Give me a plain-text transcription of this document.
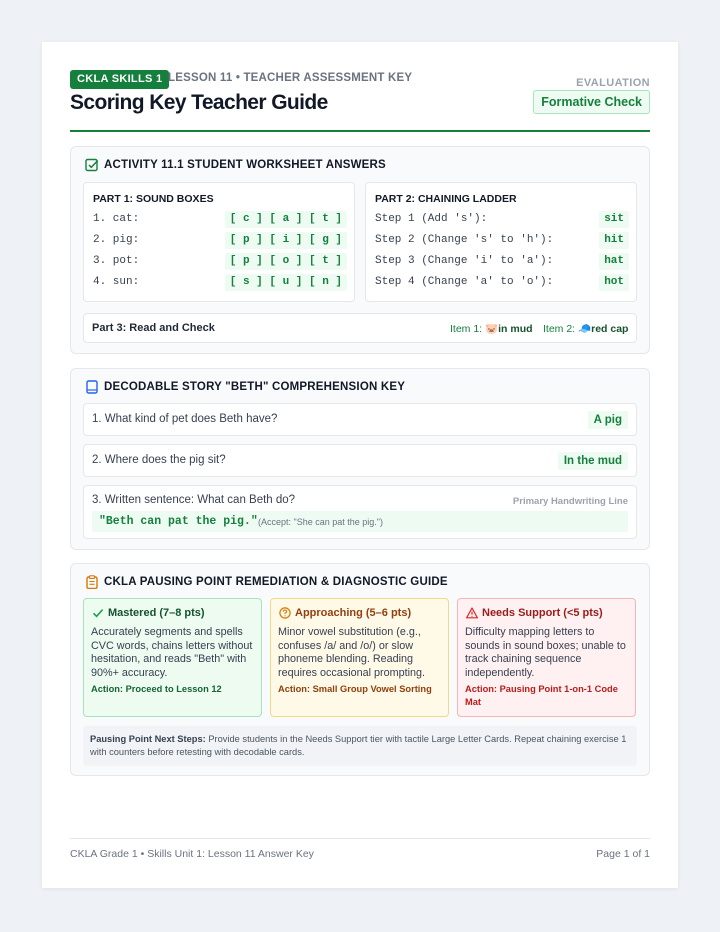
CKLA SKILLS 1 LESSON 11 • TEACHER ASSESSMENT KEY
Scoring Key Teacher Guide
EVALUATION
Formative Check
ACTIVITY 11.1 STUDENT WORKSHEET ANSWERS
PART 1: SOUND BOXES
1. cat:	[ c ] [ a ] [ t ]
2. pig:	[ p ] [ i ] [ g ]
3. pot:	[ p ] [ o ] [ t ]
4. sun:	[ s ] [ u ] [ n ]
PART 2: CHAINING LADDER
Step 1 (Add 's'):	sit
Step 2 (Change 's' to 'h'):	hit
Step 3 (Change 'i' to 'a'):	hat
Step 4 (Change 'a' to 'o'):	hot
Part 3: Read and Check	Item 1: 🐷in mud Item 2: 🧢red cap
DECODABLE STORY "BETH" COMPREHENSION KEY
1. What kind of pet does Beth have?	A pig
2. Where does the pig sit?	In the mud
3. Written sentence: What can Beth do?	Primary Handwriting Line
"Beth can pat the pig." (Accept: "She can pat the pig.")
CKLA PAUSING POINT REMEDIATION & DIAGNOSTIC GUIDE
Mastered (7–8 pts)
Accurately segments and spells CVC words, chains letters without hesitation, and reads "Beth" with 90%+ accuracy.
Action: Proceed to Lesson 12
Approaching (5–6 pts)
Minor vowel substitution (e.g., confuses /a/ and /o/) or slow phoneme blending. Reading requires occasional prompting.
Action: Small Group Vowel Sorting
Needs Support (<5 pts)
Difficulty mapping letters to sounds in sound boxes; unable to track chaining sequence independently.
Action: Pausing Point 1-on-1 Code Mat
Pausing Point Next Steps: Provide students in the Needs Support tier with tactile Large Letter Cards. Repeat chaining exercise 1 with counters before retesting with decodable cards.
CKLA Grade 1 • Skills Unit 1: Lesson 11 Answer Key	Page 1 of 1
